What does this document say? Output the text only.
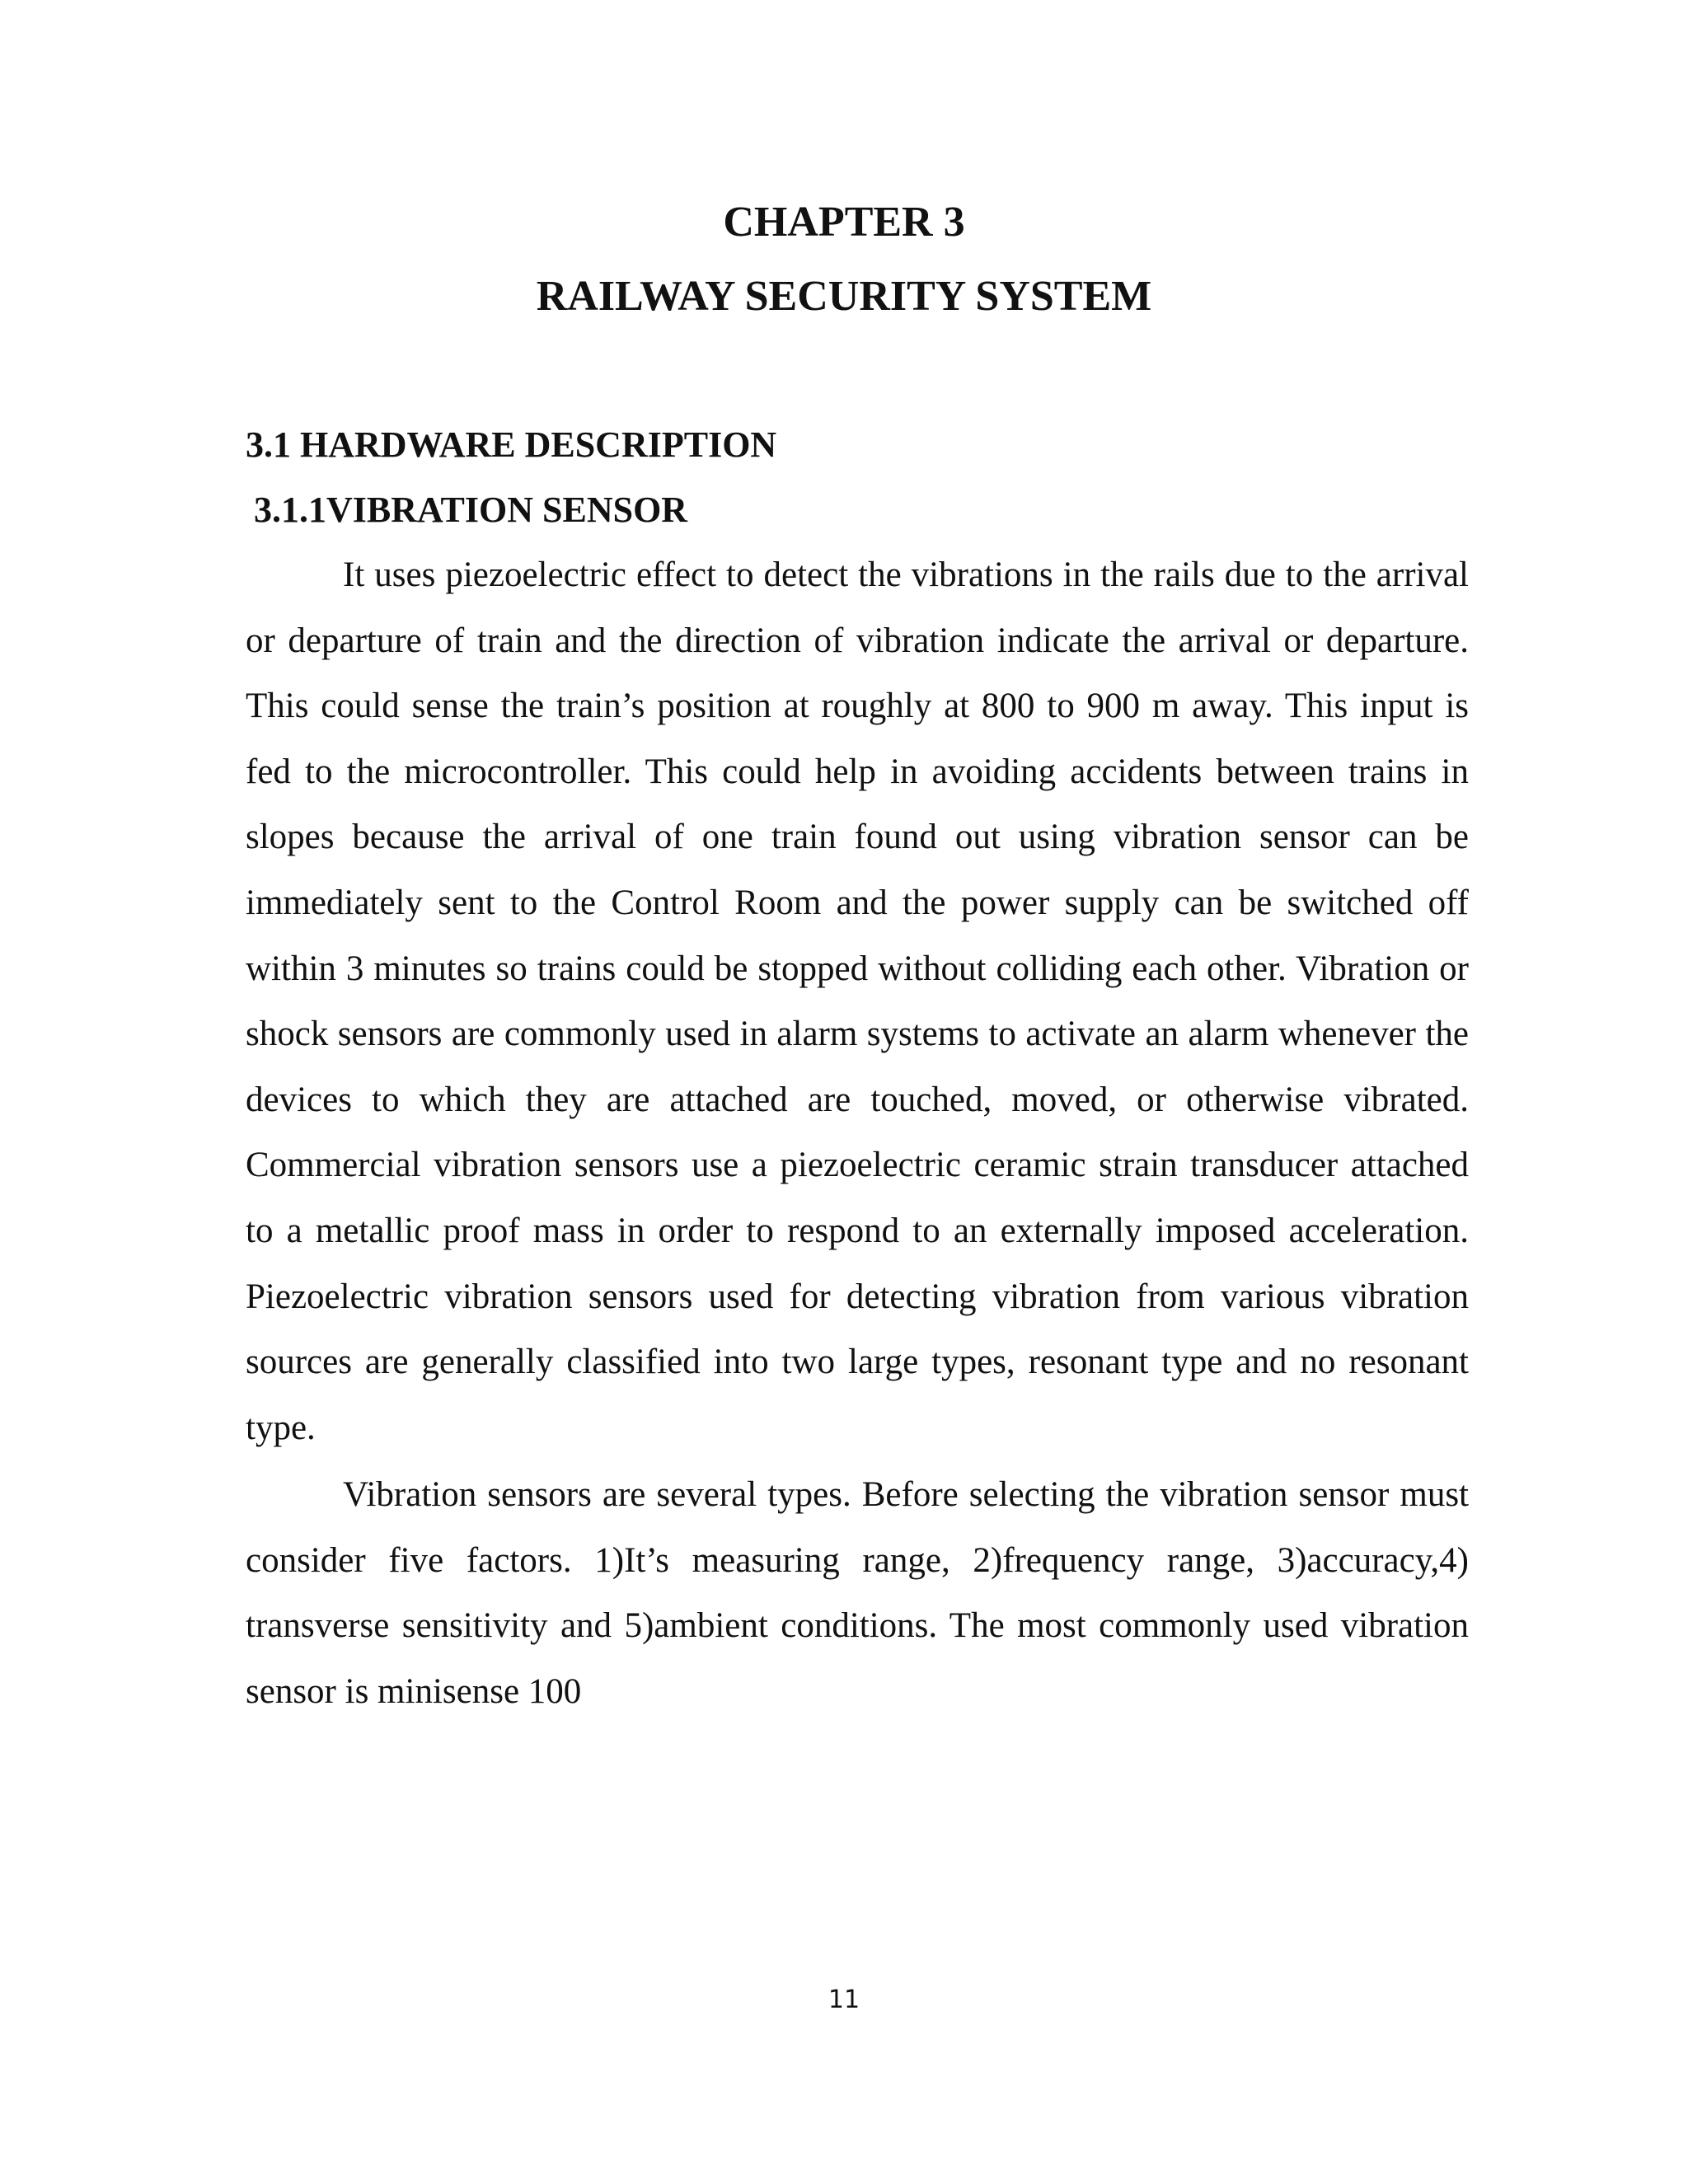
CHAPTER 3
RAILWAY SECURITY SYSTEM
3.1 HARDWARE DESCRIPTION
3.1.1VIBRATION SENSOR

It uses piezoelectric effect to detect the vibrations in the rails due to the arrival or departure of train and the direction of vibration indicate the arrival or departure. This could sense the train’s position at roughly at 800 to 900 m away. This input is fed to the microcontroller. This could help in avoiding accidents between trains in slopes because the arrival of one train found out using vibration sensor can be immediately sent to the Control Room and the power supply can be switched off within 3 minutes so trains could be stopped without colliding each other. Vibration or shock sensors are commonly used in alarm systems to activate an alarm whenever the devices to which they are attached are touched, moved, or otherwise vibrated. Commercial vibration sensors use a piezoelectric ceramic strain transducer attached to a metallic proof mass in order to respond to an externally imposed acceleration. Piezoelectric vibration sensors used for detecting vibration from various vibration sources are generally classified into two large types, resonant type and no resonant type.

Vibration sensors are several types. Before selecting the vibration sensor must consider five factors. 1)It’s measuring range, 2)frequency range, 3)accuracy,4) transverse sensitivity and 5)ambient conditions. The most commonly used vibration sensor is minisense 100

11
